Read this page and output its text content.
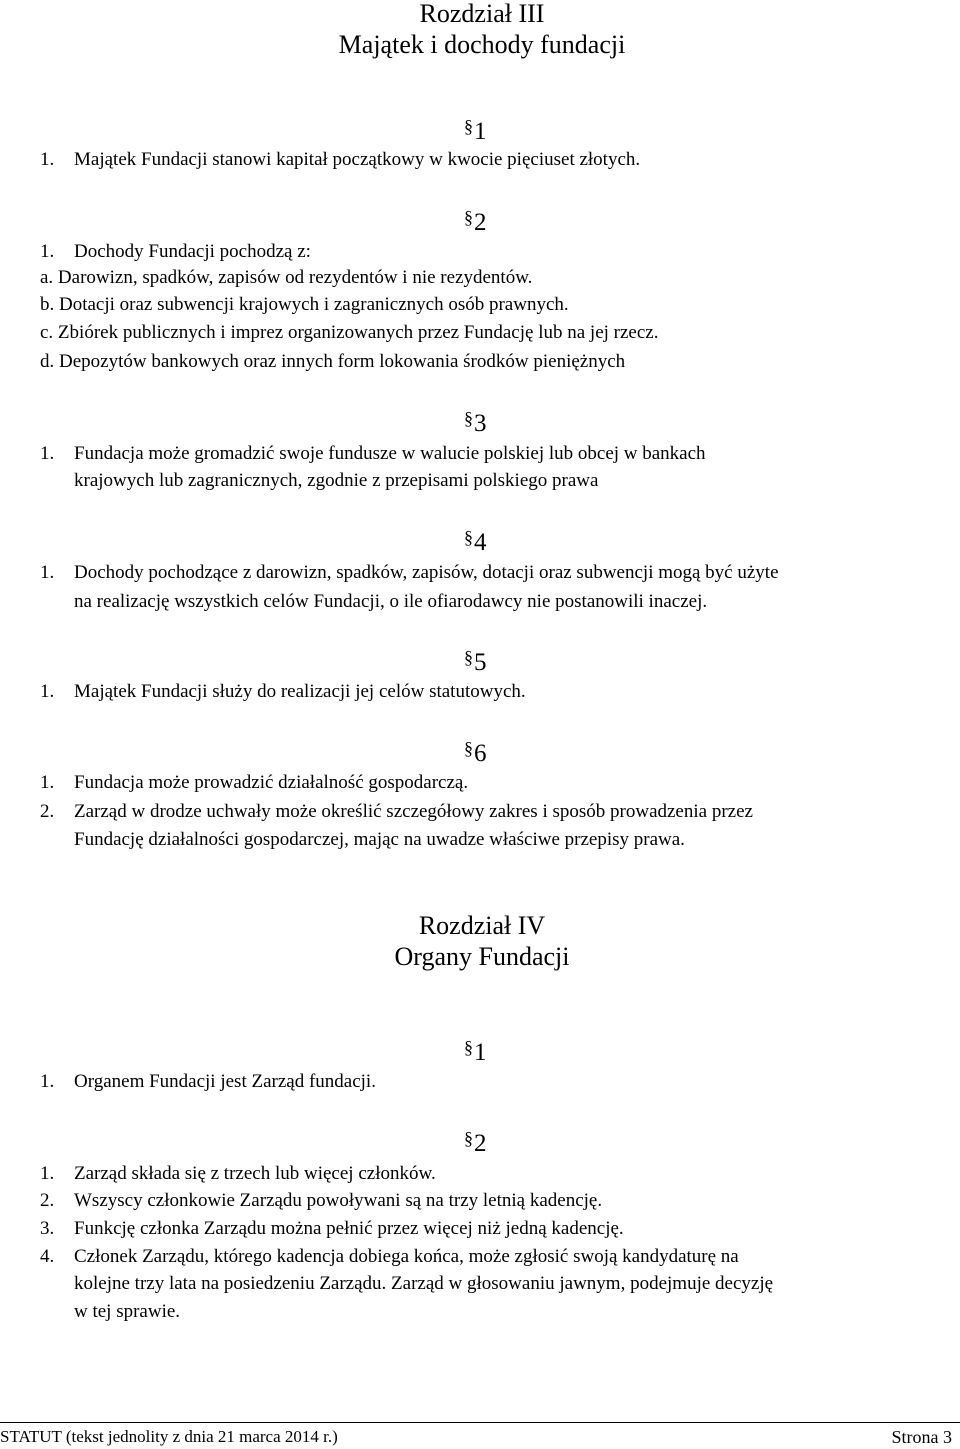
Rozdział III
Majątek i dochody fundacji
§1
1. Majątek Fundacji stanowi kapitał początkowy w kwocie pięciuset złotych.
§2
1. Dochody Fundacji pochodzą z:
a. Darowizn, spadków, zapisów od rezydentów i nie rezydentów.
b. Dotacji oraz subwencji krajowych i zagranicznych osób prawnych.
c. Zbiórek publicznych i imprez organizowanych przez Fundację lub na jej rzecz.
d. Depozytów bankowych oraz innych form lokowania środków pieniężnych
§3
1. Fundacja może gromadzić swoje fundusze w walucie polskiej lub obcej w bankach
krajowych lub zagranicznych, zgodnie z przepisami polskiego prawa
§4
1. Dochody pochodzące z darowizn, spadków, zapisów, dotacji oraz subwencji mogą być użyte
na realizację wszystkich celów Fundacji, o ile ofiarodawcy nie postanowili inaczej.
§5
1. Majątek Fundacji służy do realizacji jej celów statutowych.
§6
1. Fundacja może prowadzić działalność gospodarczą.
2. Zarząd w drodze uchwały może określić szczegółowy zakres i sposób prowadzenia przez
Fundację działalności gospodarczej, mając na uwadze właściwe przepisy prawa.
Rozdział IV
Organy Fundacji
§1
1. Organem Fundacji jest Zarząd fundacji.
§2
1. Zarząd składa się z trzech lub więcej członków.
2. Wszyscy członkowie Zarządu powoływani są na trzy letnią kadencję.
3. Funkcję członka Zarządu można pełnić przez więcej niż jedną kadencję.
4. Członek Zarządu, którego kadencja dobiega końca, może zgłosić swoją kandydaturę na
kolejne trzy lata na posiedzeniu Zarządu. Zarząd w głosowaniu jawnym, podejmuje decyzję
w tej sprawie.
STATUT (tekst jednolity z dnia 21 marca 2014 r.)	Strona 3
